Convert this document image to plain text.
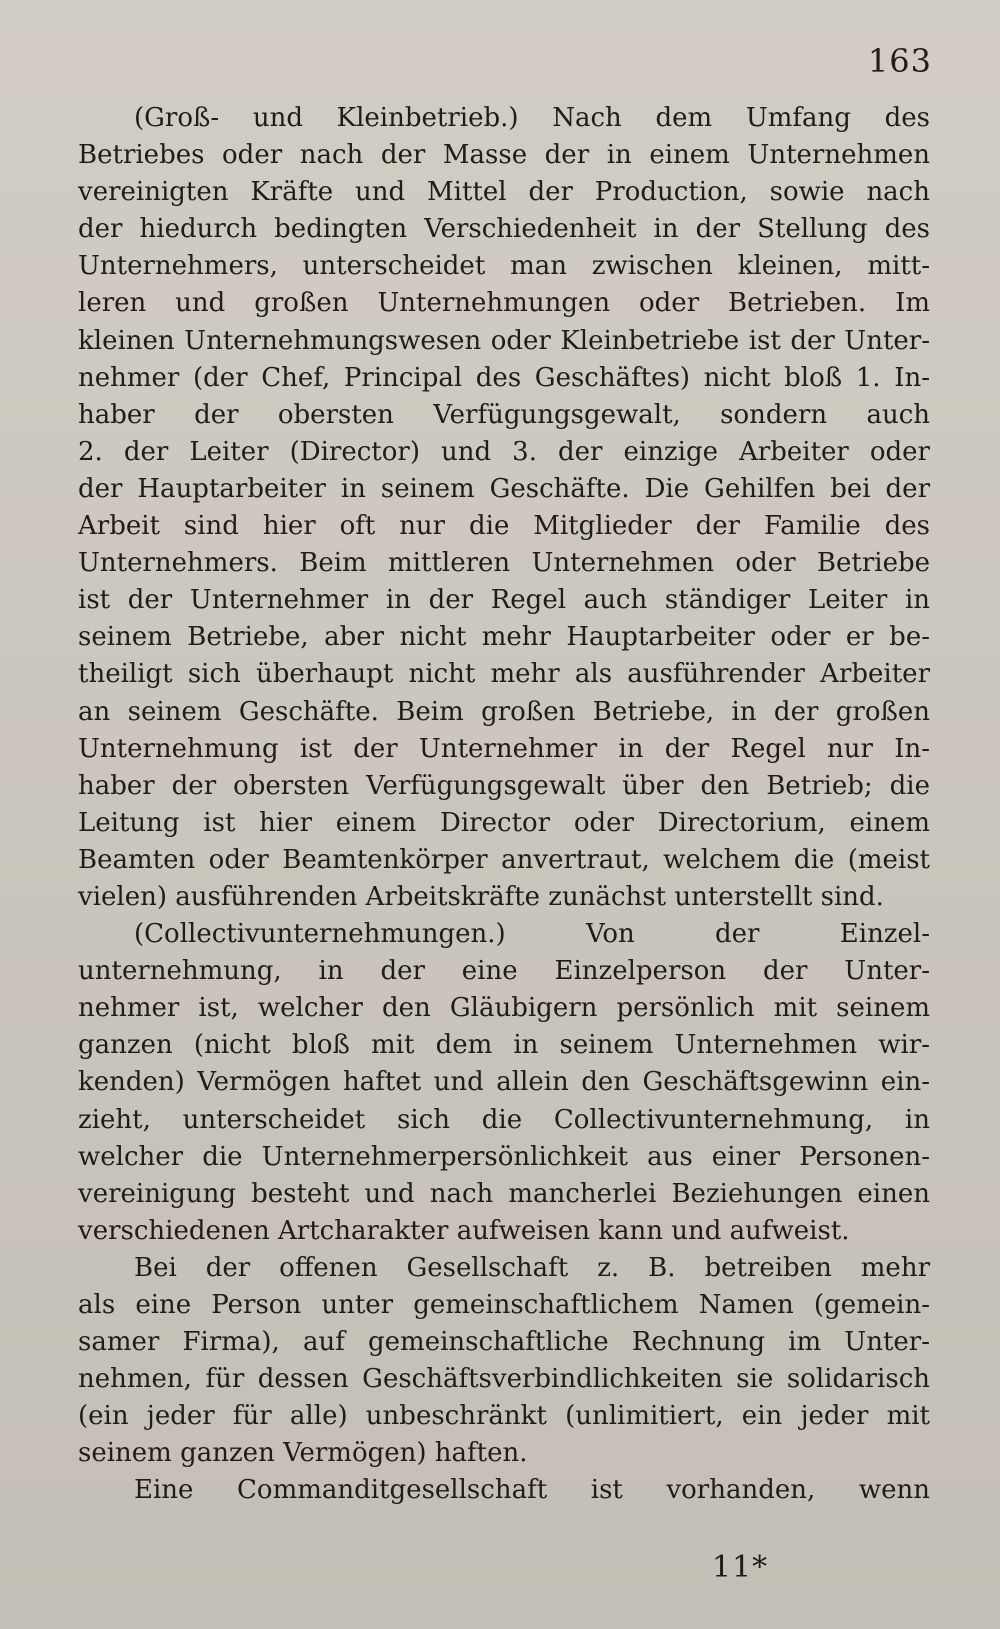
163
(Groß- und Kleinbetrieb.) Nach dem Umfang des
Betriebes oder nach der Masse der in einem Unternehmen
vereinigten Kräfte und Mittel der Production, sowie nach
der hiedurch bedingten Verschiedenheit in der Stellung des
Unternehmers, unterscheidet man zwischen kleinen, mitt-
leren und großen Unternehmungen oder Betrieben. Im
kleinen Unternehmungswesen oder Kleinbetriebe ist der Unter-
nehmer (der Chef, Principal des Geschäftes) nicht bloß 1. In-
haber der obersten Verfügungsgewalt, sondern auch
2. der Leiter (Director) und 3. der einzige Arbeiter oder
der Hauptarbeiter in seinem Geschäfte. Die Gehilfen bei der
Arbeit sind hier oft nur die Mitglieder der Familie des
Unternehmers. Beim mittleren Unternehmen oder Betriebe
ist der Unternehmer in der Regel auch ständiger Leiter in
seinem Betriebe, aber nicht mehr Hauptarbeiter oder er be-
theiligt sich überhaupt nicht mehr als ausführender Arbeiter
an seinem Geschäfte. Beim großen Betriebe, in der großen
Unternehmung ist der Unternehmer in der Regel nur In-
haber der obersten Verfügungsgewalt über den Betrieb; die
Leitung ist hier einem Director oder Directorium, einem
Beamten oder Beamtenkörper anvertraut, welchem die (meist
vielen) ausführenden Arbeitskräfte zunächst unterstellt sind.
(Collectivunternehmungen.) Von der Einzel-
unternehmung, in der eine Einzelperson der Unter-
nehmer ist, welcher den Gläubigern persönlich mit seinem
ganzen (nicht bloß mit dem in seinem Unternehmen wir-
kenden) Vermögen haftet und allein den Geschäftsgewinn ein-
zieht, unterscheidet sich die Collectivunternehmung, in
welcher die Unternehmerpersönlichkeit aus einer Personen-
vereinigung besteht und nach mancherlei Beziehungen einen
verschiedenen Artcharakter aufweisen kann und aufweist.
Bei der offenen Gesellschaft z. B. betreiben mehr
als eine Person unter gemeinschaftlichem Namen (gemein-
samer Firma), auf gemeinschaftliche Rechnung im Unter-
nehmen, für dessen Geschäftsverbindlichkeiten sie solidarisch
(ein jeder für alle) unbeschränkt (unlimitiert, ein jeder mit
seinem ganzen Vermögen) haften.
Eine Commanditgesellschaft ist vorhanden, wenn
11*
